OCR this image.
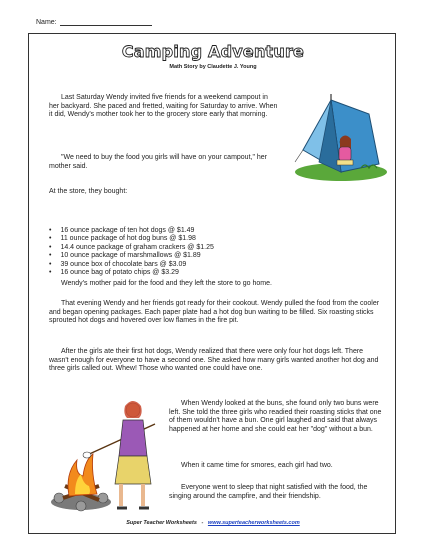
Name:
Camping Adventure
Math Story by Claudette J. Young

Last Saturday Wendy invited five friends for a weekend campout in her backyard. She paced and fretted, waiting for Saturday to arrive. When it did, Wendy's mother took her to the grocery store early that morning.

"We need to buy the food you girls will have on your campout," her mother said.

At the store, they bought:

• 16 ounce package of ten hot dogs @ $1.49
• 11 ounce package of hot dog buns @ $1.98
• 14.4 ounce package of graham crackers @ $1.25
• 10 ounce package of marshmallows @ $1.89
• 39 ounce box of chocolate bars @ $3.09
• 16 ounce bag of potato chips @ $3.29

Wendy's mother paid for the food and they left the store to go home.

That evening Wendy and her friends got ready for their cookout. Wendy pulled the food from the cooler and began opening packages. Each paper plate had a hot dog bun waiting to be filled. Six roasting sticks sprouted hot dogs and hovered over low flames in the fire pit.

After the girls ate their first hot dogs, Wendy realized that there were only four hot dogs left. There wasn't enough for everyone to have a second one. She asked how many girls wanted another hot dog and three girls called out. Whew! Those who wanted one could have one.

When Wendy looked at the buns, she found only two buns were left. She told the three girls who readied their roasting sticks that one of them wouldn't have a bun. One girl laughed and said that always happened at her home and she could eat her "dog" without a bun.

When it came time for smores, each girl had two.

Everyone went to sleep that night satisfied with the food, the singing around the campfire, and their friendship.

Super Teacher Worksheets - www.superteacherworksheets.com
